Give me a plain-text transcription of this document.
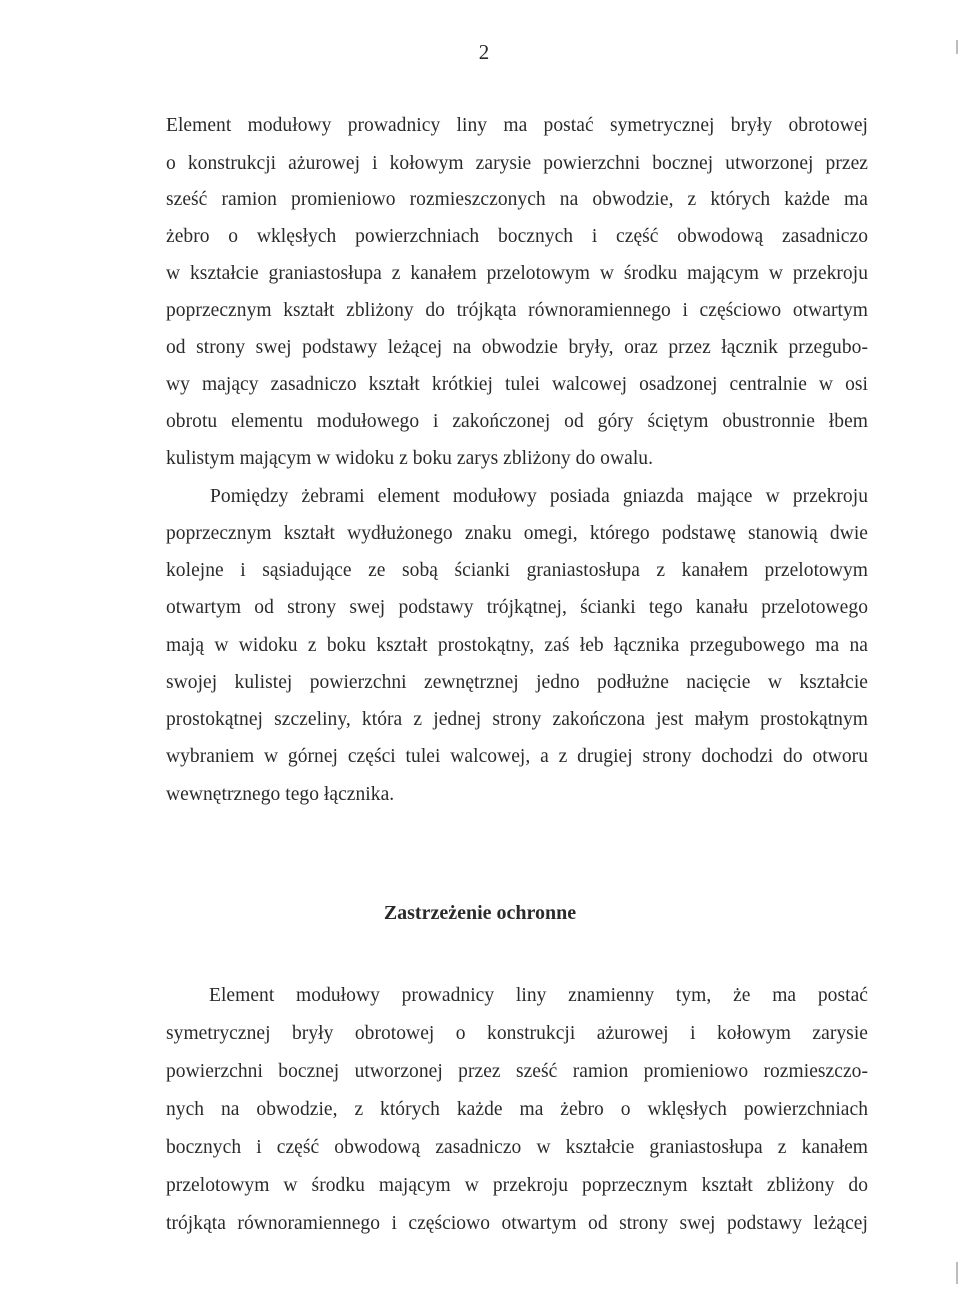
2
Element modułowy prowadnicy liny ma postać symetrycznej bryły obrotowej
o konstrukcji ażurowej i kołowym zarysie powierzchni bocznej utworzonej przez
sześć ramion promieniowo rozmieszczonych na obwodzie, z których każde ma
żebro o wklęsłych powierzchniach bocznych i część obwodową zasadniczo
w kształcie graniastosłupa z kanałem przelotowym w środku mającym w przekroju
poprzecznym kształt zbliżony do trójkąta równoramiennego i częściowo otwartym
od strony swej podstawy leżącej na obwodzie bryły, oraz przez łącznik przegubo-
wy mający zasadniczo kształt krótkiej tulei walcowej osadzonej centralnie w osi
obrotu elementu modułowego i zakończonej od góry ściętym obustronnie łbem
kulistym mającym w widoku z boku zarys zbliżony do owalu.
Pomiędzy żebrami element modułowy posiada gniazda mające w przekroju
poprzecznym kształt wydłużonego znaku omegi, którego podstawę stanowią dwie
kolejne i sąsiadujące ze sobą ścianki graniastosłupa z kanałem przelotowym
otwartym od strony swej podstawy trójkątnej, ścianki tego kanału przelotowego
mają w widoku z boku kształt prostokątny, zaś łeb łącznika przegubowego ma na
swojej kulistej powierzchni zewnętrznej jedno podłużne nacięcie w kształcie
prostokątnej szczeliny, która z jednej strony zakończona jest małym prostokątnym
wybraniem w górnej części tulei walcowej, a z drugiej strony dochodzi do otworu
wewnętrznego tego łącznika.
Zastrzeżenie ochronne
Element modułowy prowadnicy liny znamienny tym, że ma postać
symetrycznej bryły obrotowej o konstrukcji ażurowej i kołowym zarysie
powierzchni bocznej utworzonej przez sześć ramion promieniowo rozmieszczo-
nych na obwodzie, z których każde ma żebro o wklęsłych powierzchniach
bocznych i część obwodową zasadniczo w kształcie graniastosłupa z kanałem
przelotowym w środku mającym w przekroju poprzecznym kształt zbliżony do
trójkąta równoramiennego i częściowo otwartym od strony swej podstawy leżącej
